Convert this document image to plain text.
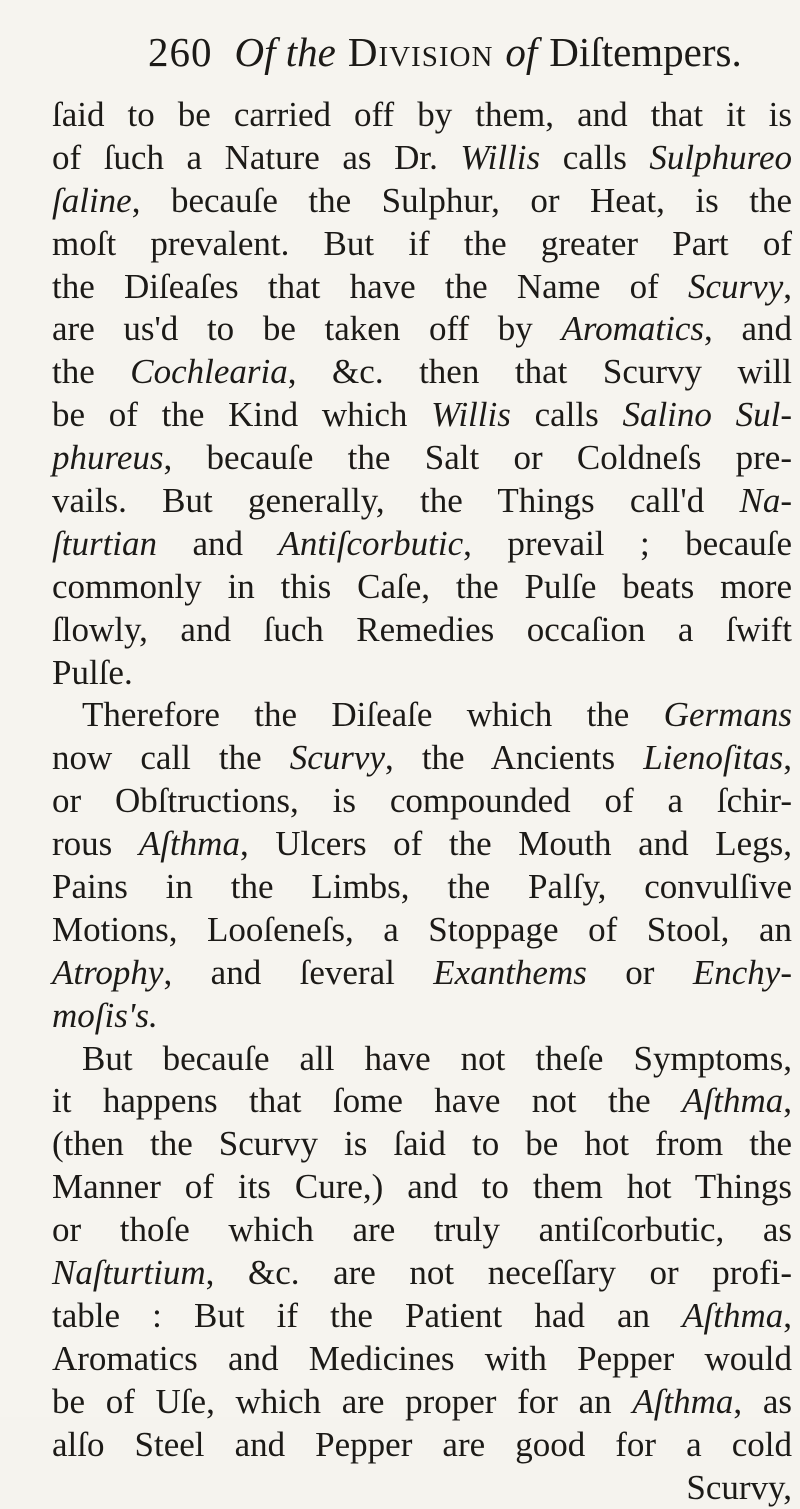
260 Of the Division of Diſtempers.
ſaid to be carried off by them, and that it is
of ſuch a Nature as Dr. Willis calls Sulphureo
ſaline, becauſe the Sulphur, or Heat, is the
moſt prevalent. But if the greater Part of
the Diſeaſes that have the Name of Scurvy,
are us'd to be taken off by Aromatics, and
the Cochlearia, &c. then that Scurvy will
be of the Kind which Willis calls Salino Sul-
phureus, becauſe the Salt or Coldneſs pre-
vails. But generally, the Things call'd Na-
ſturtian and Antiſcorbutic, prevail ; becauſe
commonly in this Caſe, the Pulſe beats more
ſlowly, and ſuch Remedies occaſion a ſwift
Pulſe.
Therefore the Diſeaſe which the Germans
now call the Scurvy, the Ancients Lienoſitas,
or Obſtructions, is compounded of a ſchir-
rous Aſthma, Ulcers of the Mouth and Legs,
Pains in the Limbs, the Palſy, convulſive
Motions, Looſeneſs, a Stoppage of Stool, an
Atrophy, and ſeveral Exanthems or Enchy-
moſis's.
But becauſe all have not theſe Symptoms,
it happens that ſome have not the Aſthma,
(then the Scurvy is ſaid to be hot from the
Manner of its Cure,) and to them hot Things
or thoſe which are truly antiſcorbutic, as
Naſturtium, &c. are not neceſſary or profi-
table : But if the Patient had an Aſthma,
Aromatics and Medicines with Pepper would
be of Uſe, which are proper for an Aſthma, as
alſo Steel and Pepper are good for a cold
Scurvy,
